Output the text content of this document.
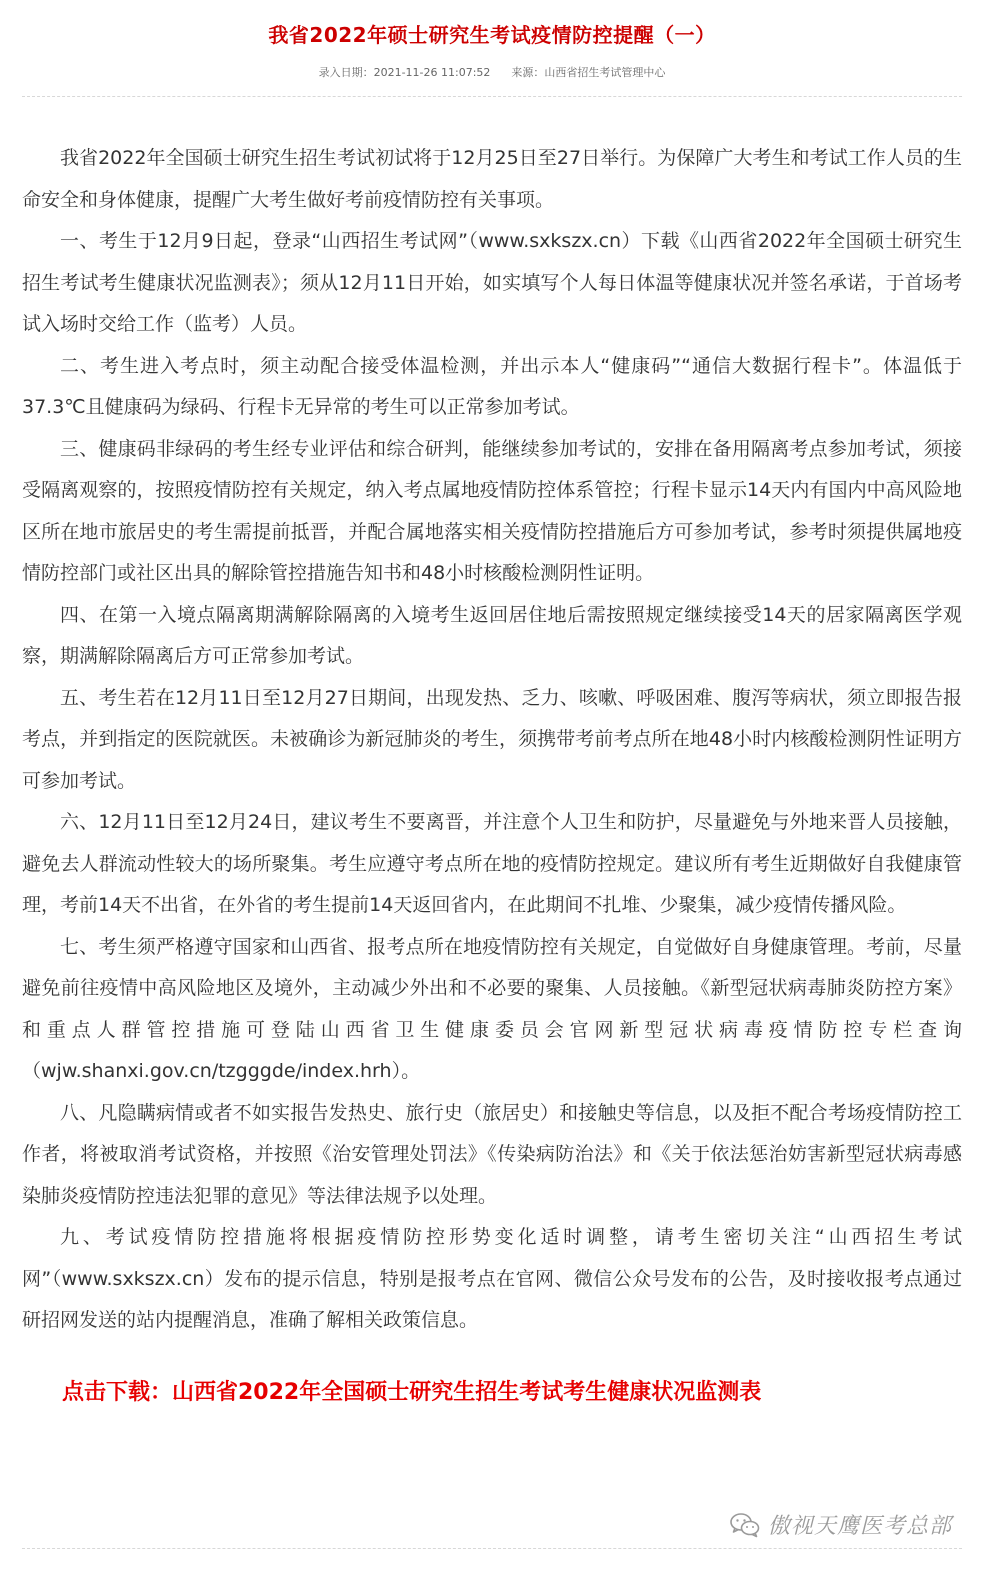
我省2022年硕士研究生考试疫情防控提醒（一）
录入日期：2021-11-26 11:07:52 来源：山西省招生考试管理中心

我省2022年全国硕士研究生招生考试初试将于12月25日至27日举行。为保障广大考生和考试工作人员的生命安全和身体健康，提醒广大考生做好考前疫情防控有关事项。

一、考生于12月9日起，登录“山西招生考试网”（www.sxkszx.cn）下载《山西省2022年全国硕士研究生招生考试考生健康状况监测表》；须从12月11日开始，如实填写个人每日体温等健康状况并签名承诺，于首场考试入场时交给工作（监考）人员。

二、考生进入考点时，须主动配合接受体温检测，并出示本人“健康码”“通信大数据行程卡”。体温低于37.3℃且健康码为绿码、行程卡无异常的考生可以正常参加考试。

三、健康码非绿码的考生经专业评估和综合研判，能继续参加考试的，安排在备用隔离考点参加考试，须接受隔离观察的，按照疫情防控有关规定，纳入考点属地疫情防控体系管控；行程卡显示14天内有国内中高风险地区所在地市旅居史的考生需提前抵晋，并配合属地落实相关疫情防控措施后方可参加考试，参考时须提供属地疫情防控部门或社区出具的解除管控措施告知书和48小时核酸检测阴性证明。

四、在第一入境点隔离期满解除隔离的入境考生返回居住地后需按照规定继续接受14天的居家隔离医学观察，期满解除隔离后方可正常参加考试。

五、考生若在12月11日至12月27日期间，出现发热、乏力、咳嗽、呼吸困难、腹泻等病状，须立即报告报考点，并到指定的医院就医。未被确诊为新冠肺炎的考生，须携带考前考点所在地48小时内核酸检测阴性证明方可参加考试。

六、12月11日至12月24日，建议考生不要离晋，并注意个人卫生和防护，尽量避免与外地来晋人员接触，避免去人群流动性较大的场所聚集。考生应遵守考点所在地的疫情防控规定。建议所有考生近期做好自我健康管理，考前14天不出省，在外省的考生提前14天返回省内，在此期间不扎堆、少聚集，减少疫情传播风险。

七、考生须严格遵守国家和山西省、报考点所在地疫情防控有关规定，自觉做好自身健康管理。考前，尽量避免前往疫情中高风险地区及境外，主动减少外出和不必要的聚集、人员接触。《新型冠状病毒肺炎防控方案》和重点人群管控措施可登陆山西省卫生健康委员会官网新型冠状病毒疫情防控专栏查询（wjw.shanxi.gov.cn/tzgggde/index.hrh）。

八、凡隐瞒病情或者不如实报告发热史、旅行史（旅居史）和接触史等信息，以及拒不配合考场疫情防控工作者，将被取消考试资格，并按照《治安管理处罚法》《传染病防治法》和《关于依法惩治妨害新型冠状病毒感染肺炎疫情防控违法犯罪的意见》等法律法规予以处理。

九、考试疫情防控措施将根据疫情防控形势变化适时调整，请考生密切关注“山西招生考试网”（www.sxkszx.cn）发布的提示信息，特别是报考点在官网、微信公众号发布的公告，及时接收报考点通过研招网发送的站内提醒消息，准确了解相关政策信息。

点击下载：山西省2022年全国硕士研究生招生考试考生健康状况监测表
傲视天鹰医考总部
